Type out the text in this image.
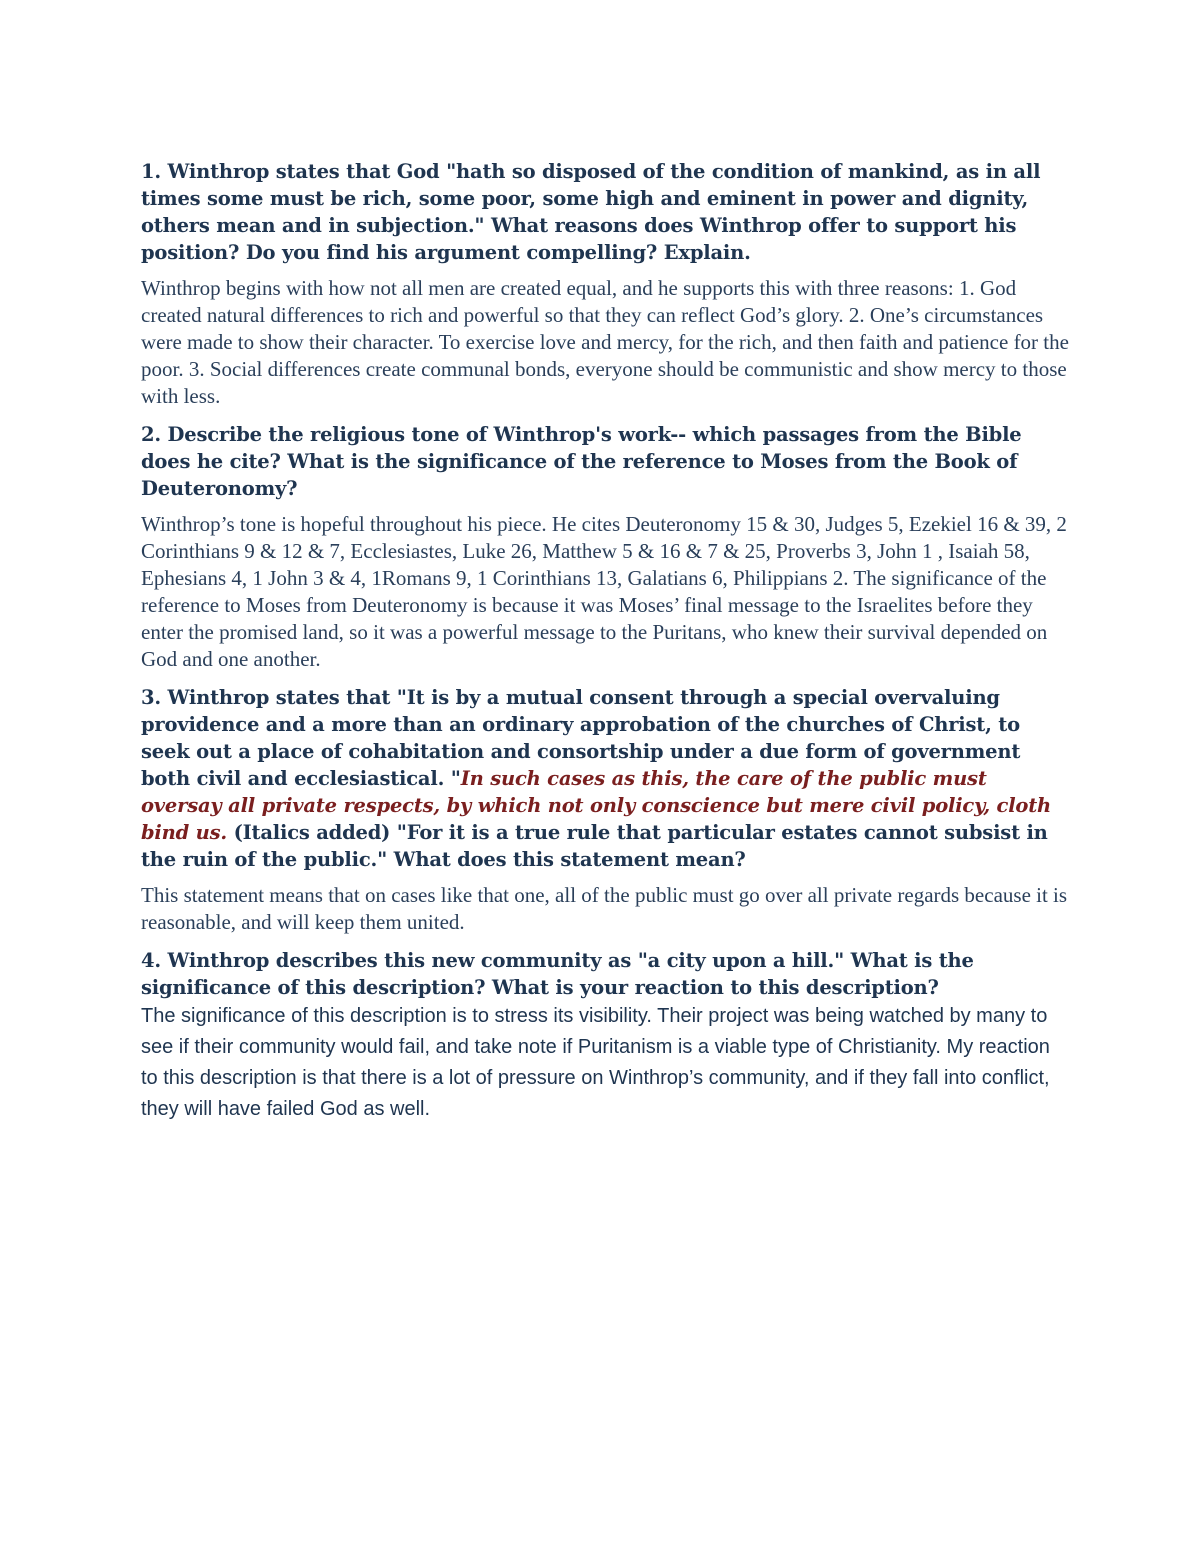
1. Winthrop states that God "hath so disposed of the condition of mankind, as in all times some must be rich, some poor, some high and eminent in power and dignity, others mean and in subjection." What reasons does Winthrop offer to support his position? Do you find his argument compelling? Explain.

Winthrop begins with how not all men are created equal, and he supports this with three reasons: 1. God created natural differences to rich and powerful so that they can reflect God’s glory. 2. One’s circumstances were made to show their character. To exercise love and mercy, for the rich, and then faith and patience for the poor. 3. Social differences create communal bonds, everyone should be communistic and show mercy to those with less.

2. Describe the religious tone of Winthrop's work-- which passages from the Bible does he cite? What is the significance of the reference to Moses from the Book of Deuteronomy?

Winthrop’s tone is hopeful throughout his piece. He cites Deuteronomy 15 & 30, Judges 5, Ezekiel 16 & 39, 2 Corinthians 9 & 12 & 7, Ecclesiastes, Luke 26, Matthew 5 & 16 & 7 & 25, Proverbs 3, John 1 , Isaiah 58, Ephesians 4, 1 John 3 & 4, 1Romans 9, 1 Corinthians 13, Galatians 6, Philippians 2. The significance of the reference to Moses from Deuteronomy is because it was Moses’ final message to the Israelites before they enter the promised land, so it was a powerful message to the Puritans, who knew their survival depended on God and one another.

3. Winthrop states that "It is by a mutual consent through a special overvaluing providence and a more than an ordinary approbation of the churches of Christ, to seek out a place of cohabitation and consortship under a due form of government both civil and ecclesiastical. "In such cases as this, the care of the public must oversay all private respects, by which not only conscience but mere civil policy, cloth bind us. (Italics added) "For it is a true rule that particular estates cannot subsist in the ruin of the public." What does this statement mean?

This statement means that on cases like that one, all of the public must go over all private regards because it is reasonable, and will keep them united.

4. Winthrop describes this new community as "a city upon a hill." What is the significance of this description? What is your reaction to this description?

The significance of this description is to stress its visibility. Their project was being watched by many to see if their community would fail, and take note if Puritanism is a viable type of Christianity. My reaction to this description is that there is a lot of pressure on Winthrop’s community, and if they fall into conflict, they will have failed God as well.
